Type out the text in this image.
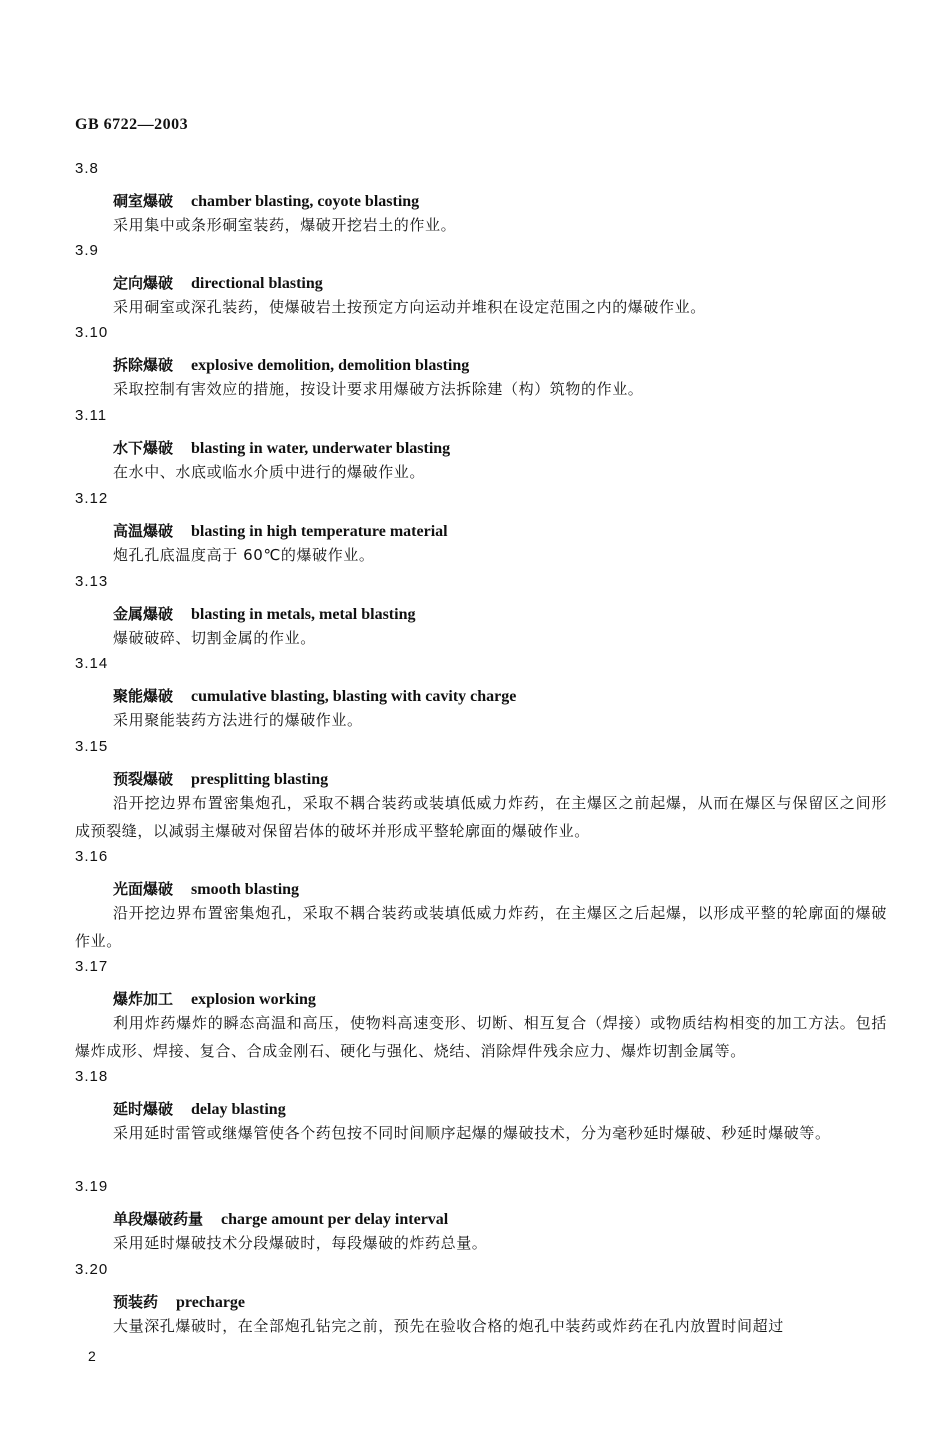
GB 6722—2003
3.8
硐室爆破 chamber blasting, coyote blasting
采用集中或条形硐室装药，爆破开挖岩土的作业。
3.9
定向爆破 directional blasting
采用硐室或深孔装药，使爆破岩土按预定方向运动并堆积在设定范围之内的爆破作业。
3.10
拆除爆破 explosive demolition, demolition blasting
采取控制有害效应的措施，按设计要求用爆破方法拆除建（构）筑物的作业。
3.11
水下爆破 blasting in water, underwater blasting
在水中、水底或临水介质中进行的爆破作业。
3.12
高温爆破 blasting in high temperature material
炮孔孔底温度高于 60℃的爆破作业。
3.13
金属爆破 blasting in metals, metal blasting
爆破破碎、切割金属的作业。
3.14
聚能爆破 cumulative blasting, blasting with cavity charge
采用聚能装药方法进行的爆破作业。
3.15
预裂爆破 presplitting blasting
沿开挖边界布置密集炮孔，采取不耦合装药或装填低威力炸药，在主爆区之前起爆，从而在爆区与保留区之间形成预裂缝，以减弱主爆破对保留岩体的破坏并形成平整轮廓面的爆破作业。
3.16
光面爆破 smooth blasting
沿开挖边界布置密集炮孔，采取不耦合装药或装填低威力炸药，在主爆区之后起爆，以形成平整的轮廓面的爆破作业。
3.17
爆炸加工 explosion working
利用炸药爆炸的瞬态高温和高压，使物料高速变形、切断、相互复合（焊接）或物质结构相变的加工方法。包括爆炸成形、焊接、复合、合成金刚石、硬化与强化、烧结、消除焊件残余应力、爆炸切割金属等。
3.18
延时爆破 delay blasting
采用延时雷管或继爆管使各个药包按不同时间顺序起爆的爆破技术，分为毫秒延时爆破、秒延时爆破等。
3.19
单段爆破药量 charge amount per delay interval
采用延时爆破技术分段爆破时，每段爆破的炸药总量。
3.20
预装药 precharge
大量深孔爆破时，在全部炮孔钻完之前，预先在验收合格的炮孔中装药或炸药在孔内放置时间超过
2
